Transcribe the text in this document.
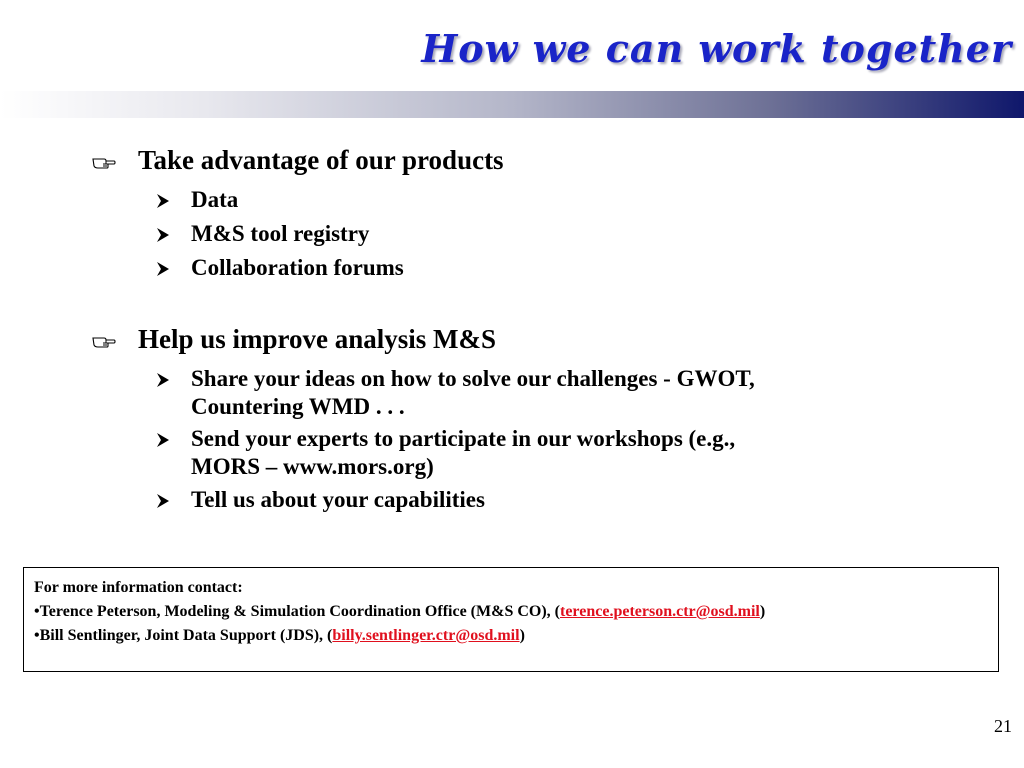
How we can work together
Take advantage of our products
Data
M&S tool registry
Collaboration forums
Help us improve analysis M&S
Share your ideas on how to solve our challenges - GWOT,
Countering WMD . . .
Send your experts to participate in our workshops (e.g.,
MORS – www.mors.org)
Tell us about your capabilities
For more information contact:
•Terence Peterson, Modeling & Simulation Coordination Office (M&S CO), (terence.peterson.ctr@osd.mil)
•Bill Sentlinger, Joint Data Support (JDS), (billy.sentlinger.ctr@osd.mil)
21
